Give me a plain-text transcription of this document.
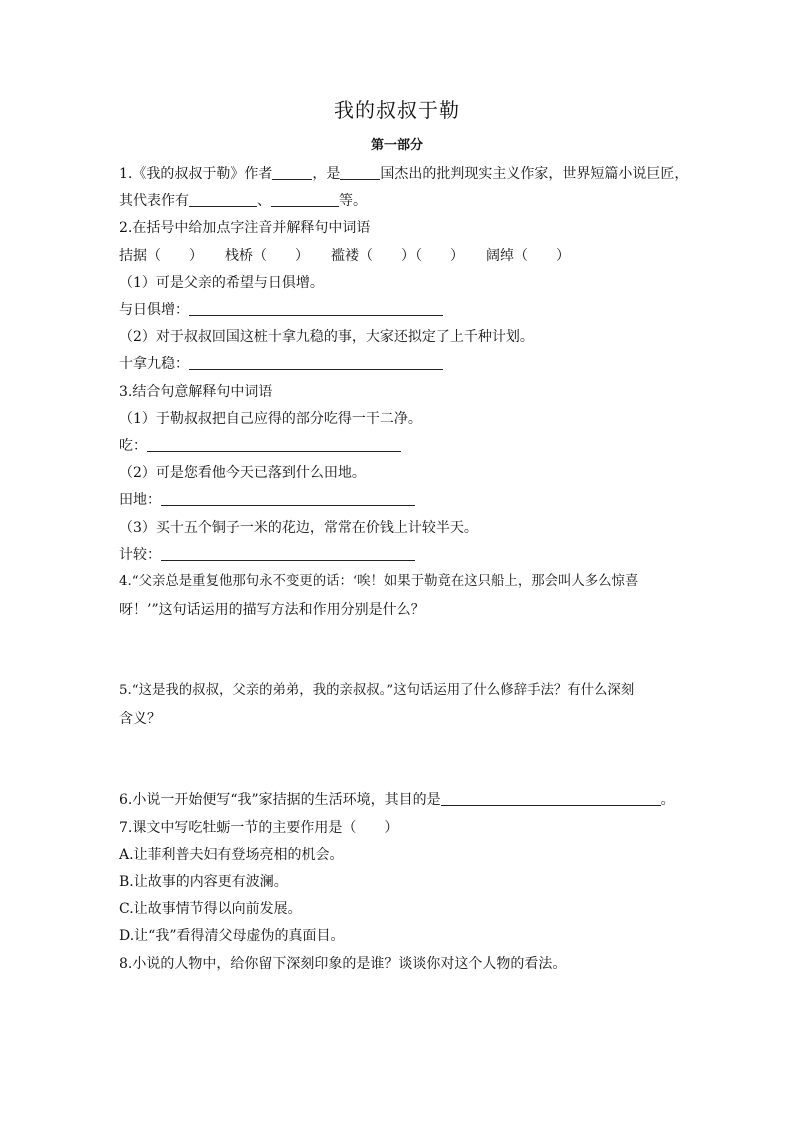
我的叔叔于勒
第一部分
1.《我的叔叔于勒》作者	，是	国杰出的批判现实主义作家，世界短篇小说巨匠，
其代表作有	、	等。
2.在括号中给加点字注音并解释句中词语
拮据（　　） 栈桥（　　） 褴褛（　　）（　　） 阔绰（　　）
（1）可是父亲的希望与日俱增。
与日俱增：
（2）对于叔叔回国这桩十拿九稳的事，大家还拟定了上千种计划。
十拿九稳：
3.结合句意解释句中词语
（1）于勒叔叔把自己应得的部分吃得一干二净。
吃：
（2）可是您看他今天已落到什么田地。
田地：
（3）买十五个铜子一米的花边，常常在价钱上计较半天。
计较：
4.“父亲总是重复他那句永不变更的话：‘唉！如果于勒竟在这只船上，那会叫人多么惊喜
呀！’”这句话运用的描写方法和作用分别是什么？
5.“这是我的叔叔，父亲的弟弟，我的亲叔叔。”这句话运用了什么修辞手法？有什么深刻
含义？
6.小说一开始便写“我”家拮据的生活环境，其目的是	。
7.课文中写吃牡蛎一节的主要作用是（　　）
A.让菲利普夫妇有登场亮相的机会。
B.让故事的内容更有波澜。
C.让故事情节得以向前发展。
D.让“我”看得清父母虚伪的真面目。
8.小说的人物中，给你留下深刻印象的是谁？谈谈你对这个人物的看法。
